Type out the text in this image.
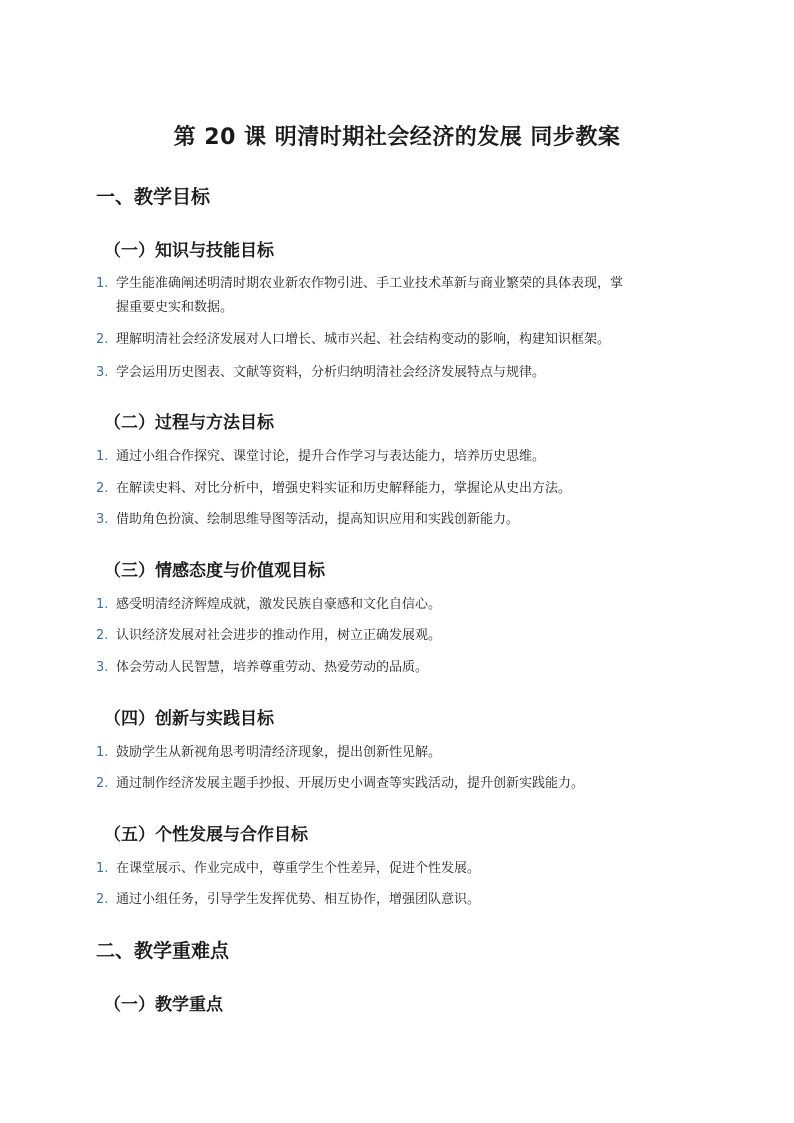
第 20 课 明清时期社会经济的发展 同步教案
一、教学目标
（一）知识与技能目标
1. 学生能准确阐述明清时期农业新农作物引进、手工业技术革新与商业繁荣的具体表现，掌
握重要史实和数据。
2. 理解明清社会经济发展对人口增长、城市兴起、社会结构变动的影响，构建知识框架。
3. 学会运用历史图表、文献等资料，分析归纳明清社会经济发展特点与规律。
（二）过程与方法目标
1. 通过小组合作探究、课堂讨论，提升合作学习与表达能力，培养历史思维。
2. 在解读史料、对比分析中，增强史料实证和历史解释能力，掌握论从史出方法。
3. 借助角色扮演、绘制思维导图等活动，提高知识应用和实践创新能力。
（三）情感态度与价值观目标
1. 感受明清经济辉煌成就，激发民族自豪感和文化自信心。
2. 认识经济发展对社会进步的推动作用，树立正确发展观。
3. 体会劳动人民智慧，培养尊重劳动、热爱劳动的品质。
（四）创新与实践目标
1. 鼓励学生从新视角思考明清经济现象，提出创新性见解。
2. 通过制作经济发展主题手抄报、开展历史小调查等实践活动，提升创新实践能力。
（五）个性发展与合作目标
1. 在课堂展示、作业完成中，尊重学生个性差异，促进个性发展。
2. 通过小组任务，引导学生发挥优势、相互协作，增强团队意识。
二、教学重难点
（一）教学重点
